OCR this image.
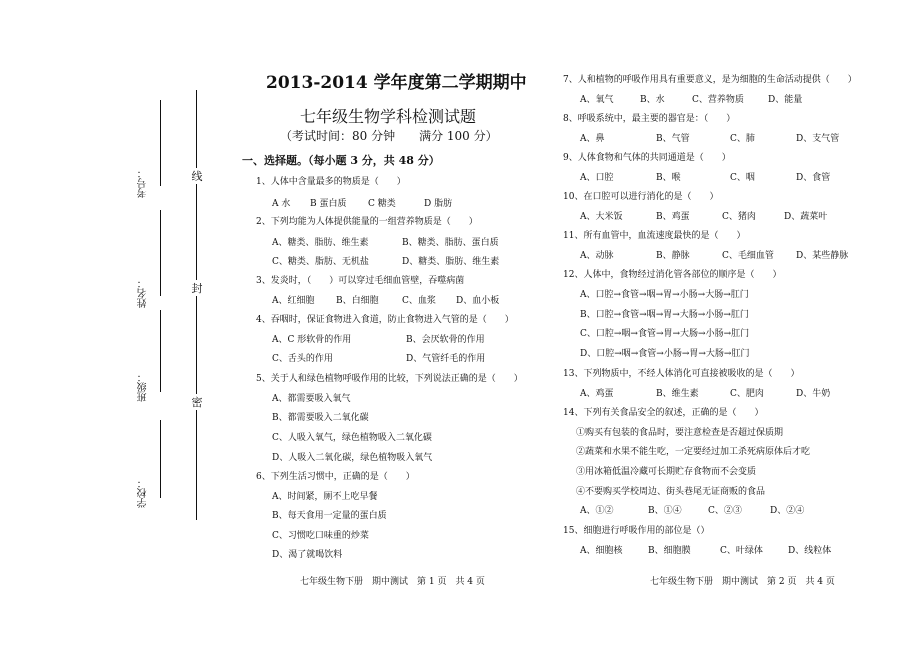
线
封
密
考号：
姓名：
班级：
学校：
2013-2014 学年度第二学期期中
七年级生物学科检测试题
（考试时间：80 分钟　　满分 100 分）
一、选择题。（每小题 3 分，共 48 分）
1、人体中含量最多的物质是（　　）
A 水 B 蛋白质 C 糖类	D 脂肪
2、下列均能为人体提供能量的一组营养物质是（　　）
A、糖类、脂肪、维生素	B、糖类、脂肪、蛋白质
C、糖类、脂肪、无机盐	D、糖类、脂肪、维生素
3、发炎时，（　　）可以穿过毛细血管壁，吞噬病菌
A、红细胞 B、白细胞	C、血浆 D、血小板
4、吞咽时，保证食物进入食道，防止食物进入气管的是（　　）
A、C 形软骨的作用	B、会厌软骨的作用
C、舌头的作用	D、气管纤毛的作用
5、关于人和绿色植物呼吸作用的比较，下列说法正确的是（　　）
A、都需要吸入氧气
B、都需要吸入二氧化碳
C、人吸入氧气，绿色植物吸入二氧化碳
D、人吸入二氧化碳，绿色植物吸入氧气
6、下列生活习惯中，正确的是（　　）
A、时间紧，厕不上吃早餐
B、每天食用一定量的蛋白质
C、习惯吃口味重的炒菜
D、渴了就喝饮料
7、人和植物的呼吸作用具有重要意义，是为细胞的生命活动提供（　　）
A、氧气	B、水	C、营养物质	D、能量
8、呼吸系统中，最主要的器官是：（　　）
A、鼻	B、气管	C、肺	D、支气管
9、人体食物和气体的共同通道是（　　）
A、口腔	B、喉	C、咽	D、食管
10、在口腔可以进行消化的是（　　）
A、大米饭	B、鸡蛋	C、猪肉	D、蔬菜叶
11、所有血管中，血流速度最快的是（　　）
A、动脉	B、静脉	C、毛细血管 D、某些静脉
12、人体中，食物经过消化管各部位的顺序是（　　）
A、口腔→食管→咽→胃→小肠→大肠→肛门
B、口腔→食管→咽→胃→大肠→小肠→肛门
C、口腔→咽→食管→胃→大肠→小肠→肛门
D、口腔→咽→食管→小肠→胃→大肠→肛门
13、下列物质中，不经人体消化可直接被吸收的是（　　）
A、鸡蛋	B、维生素	C、肥肉	D、牛奶
14、下列有关食品安全的叙述，正确的是（　　）
①购买有包装的食品时，要注意检查是否超过保质期
②蔬菜和水果不能生吃，一定要经过加工杀死病原体后才吃
③用冰箱低温冷藏可长期贮存食物而不会变质
④不要购买学校周边、街头巷尾无证商贩的食品
A、①②	B、①④	C、②③	D、②④
15、细胞进行呼吸作用的部位是（）
A、细胞核	B、细胞膜	C、叶绿体	D、线粒体
七年级生物下册　期中测试　第 1 页　共 4 页	七年级生物下册　期中测试　第 2 页　共 4 页
